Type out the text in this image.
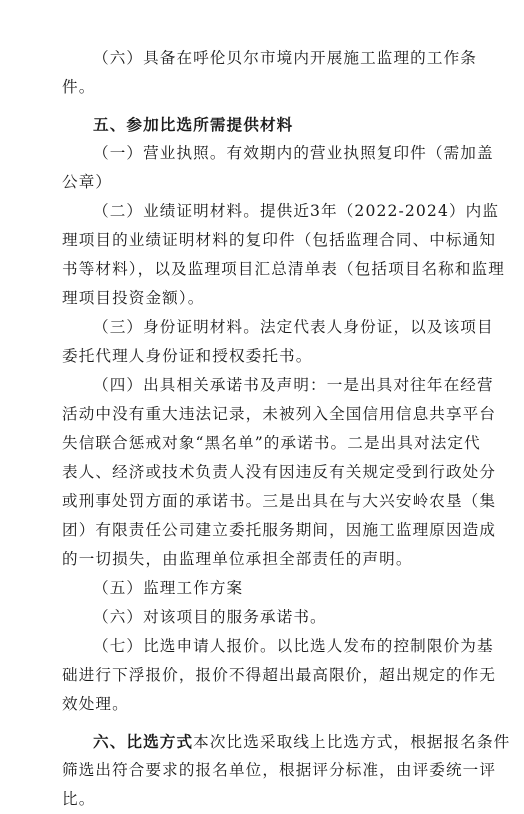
（六）具备在呼伦贝尔市境内开展施工监理的工作条
件。
五、参加比选所需提供材料
（一）营业执照。有效期内的营业执照复印件（需加盖
公章）
（二）业绩证明材料。提供近3年（2022-2024）内监
理项目的业绩证明材料的复印件（包括监理合同、中标通知
书等材料），以及监理项目汇总清单表（包括项目名称和监理
理项目投资金额）。
（三）身份证明材料。法定代表人身份证，以及该项目
委托代理人身份证和授权委托书。
（四）出具相关承诺书及声明：一是出具对往年在经营
活动中没有重大违法记录，未被列入全国信用信息共享平台
失信联合惩戒对象“黑名单”的承诺书。二是出具对法定代
表人、经济或技术负责人没有因违反有关规定受到行政处分
或刑事处罚方面的承诺书。三是出具在与大兴安岭农垦（集
团）有限责任公司建立委托服务期间，因施工监理原因造成
的一切损失，由监理单位承担全部责任的声明。
（五）监理工作方案
（六）对该项目的服务承诺书。
（七）比选申请人报价。以比选人发布的控制限价为基
础进行下浮报价，报价不得超出最高限价，超出规定的作无
效处理。
六、比选方式本次比选采取线上比选方式，根据报名条件
筛选出符合要求的报名单位，根据评分标准，由评委统一评
比。
